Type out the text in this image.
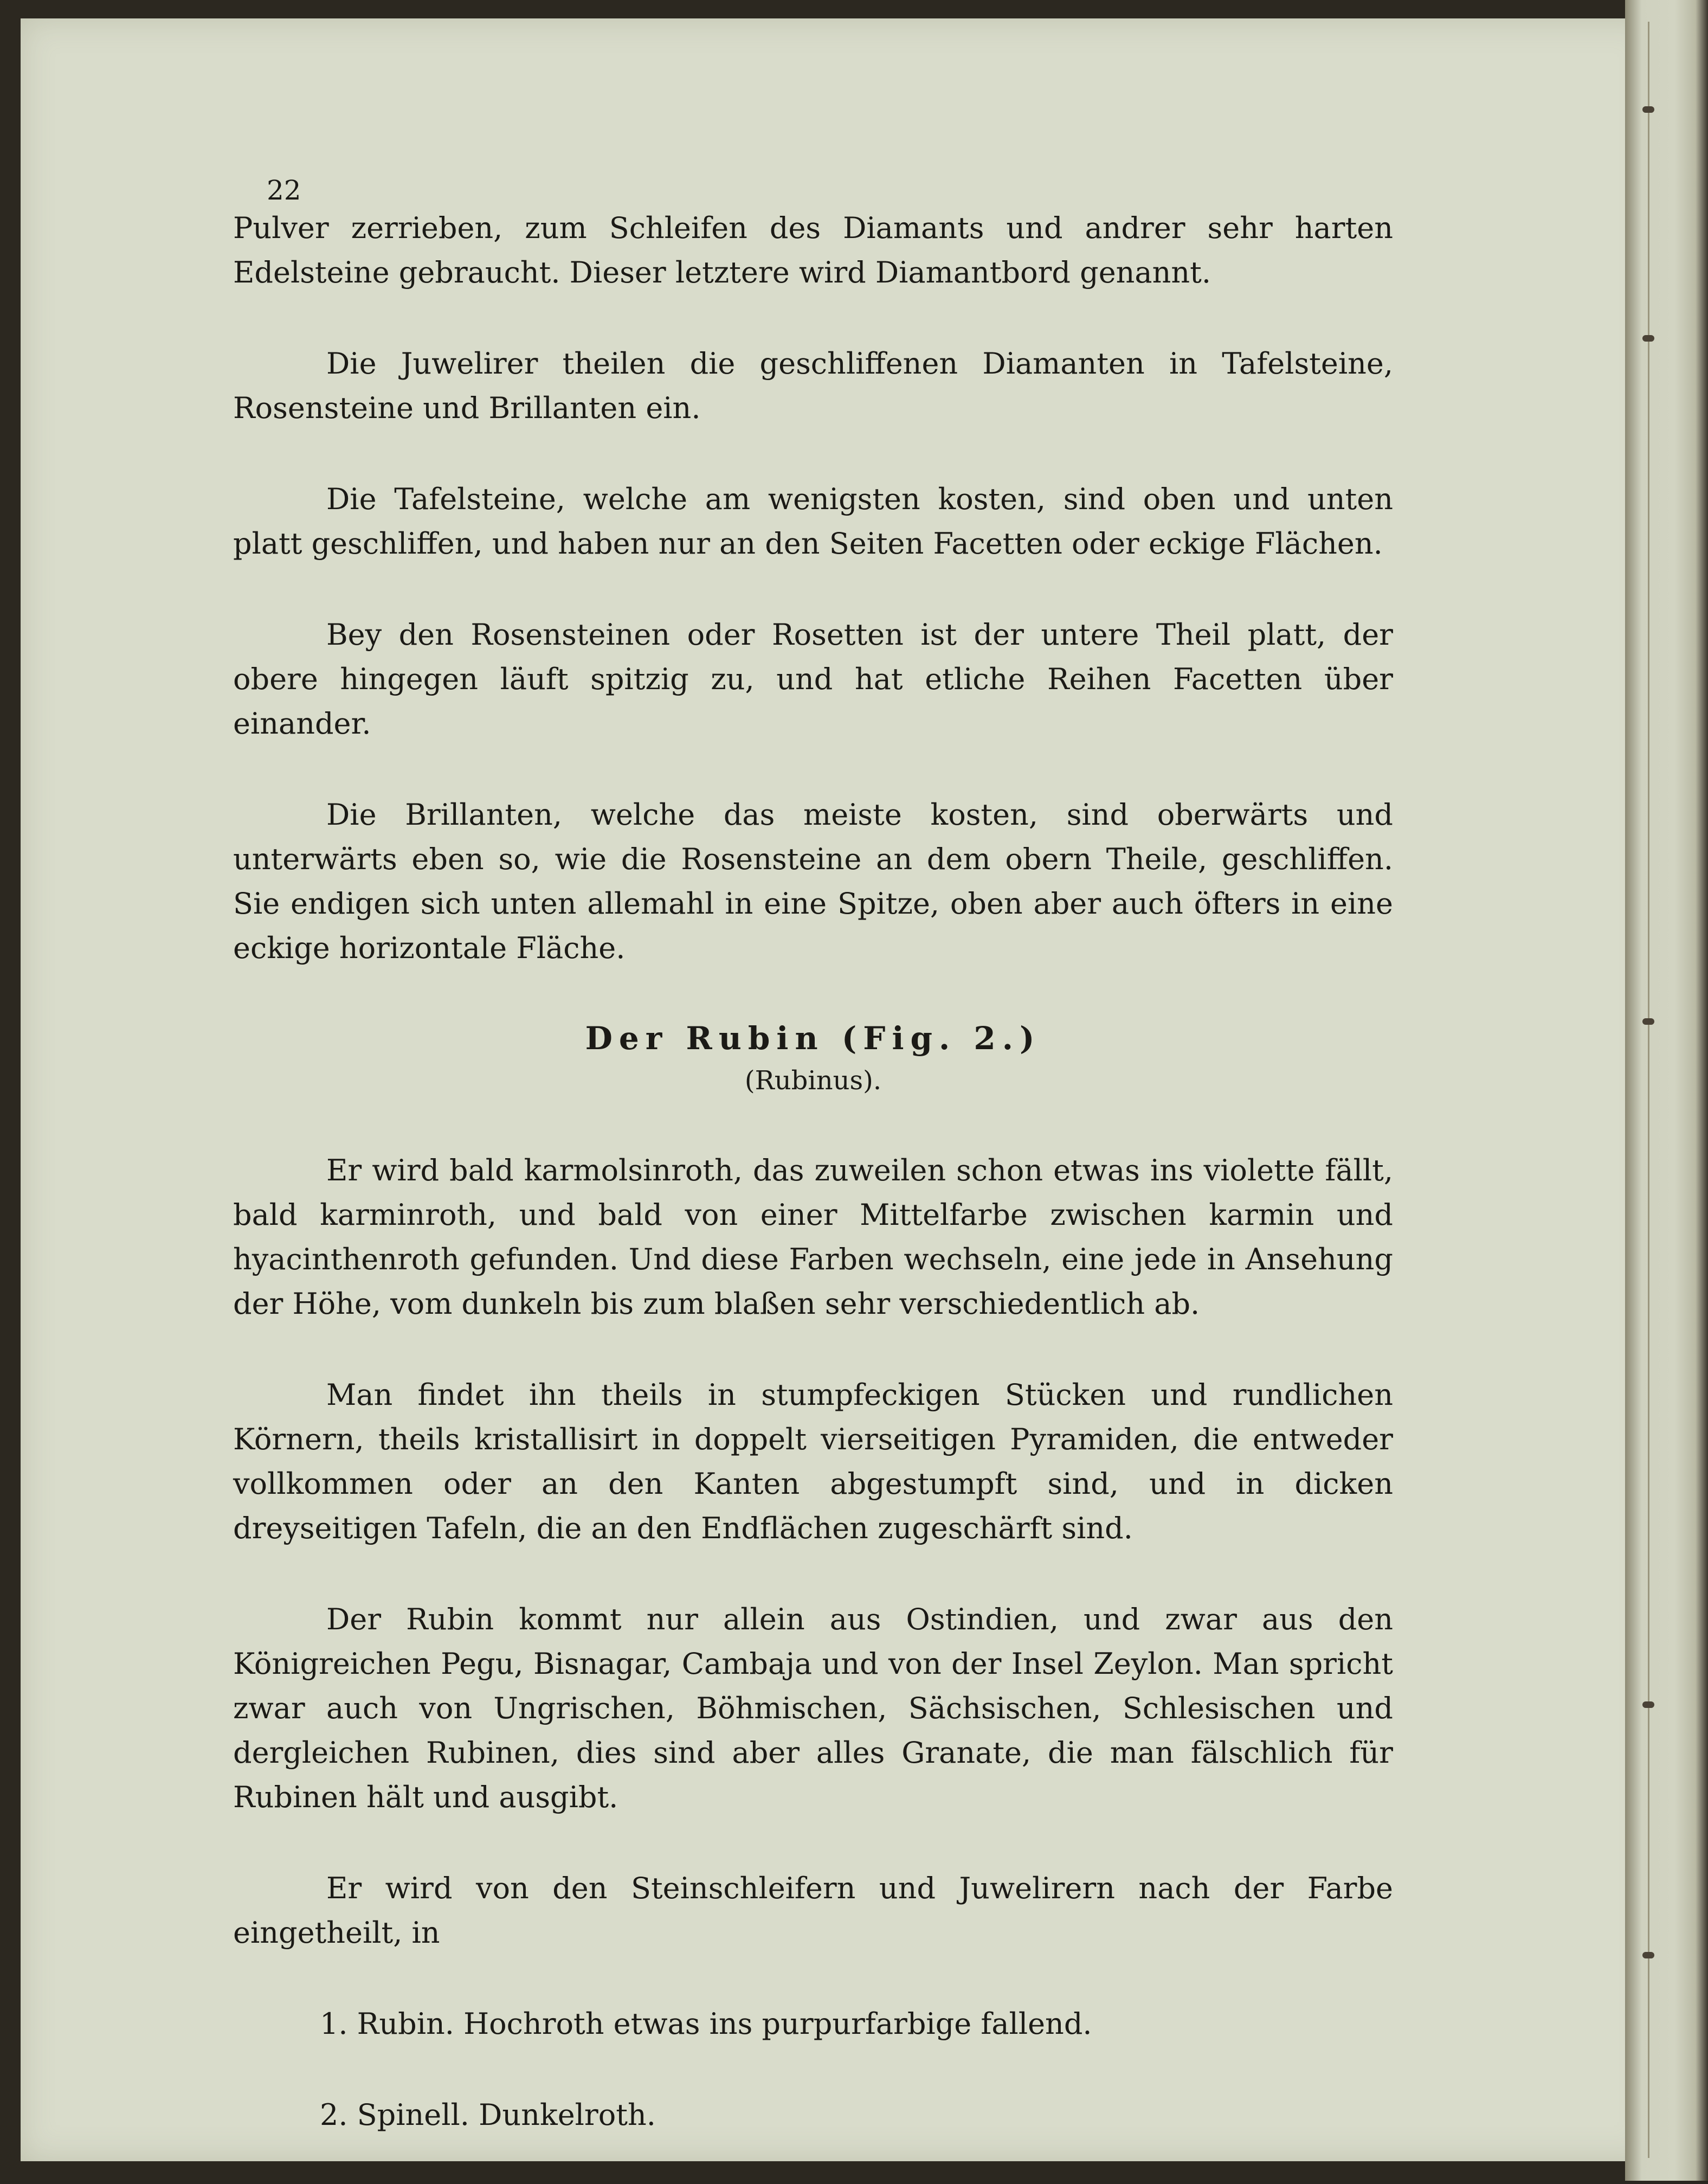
22

Pulver zerrieben, zum Schleifen des Diamants und andrer sehr harten Edelsteine gebraucht. Dieser letztere wird Diamantbord genannt.

Die Juwelirer theilen die geschliffenen Diamanten in Tafelsteine, Rosensteine und Brillanten ein.

Die Tafelsteine, welche am wenigsten kosten, sind oben und unten platt geschliffen, und haben nur an den Seiten Facetten oder eckige Flächen.

Bey den Rosensteinen oder Rosetten ist der untere Theil platt, der obere hingegen läuft spitzig zu, und hat etliche Reihen Facetten über einander.

Die Brillanten, welche das meiste kosten, sind oberwärts und unterwärts eben so, wie die Rosensteine an dem obern Theile, geschliffen. Sie endigen sich unten allemahl in eine Spitze, oben aber auch öfters in eine eckige horizontale Fläche.

Der Rubin (Fig. 2.)

(Rubinus).

Er wird bald karmolsinroth, das zuweilen schon etwas ins violette fällt, bald karminroth, und bald von einer Mittelfarbe zwischen karmin und hyacinthenroth gefunden. Und diese Farben wechseln, eine jede in Ansehung der Höhe, vom dunkeln bis zum blaßen sehr verschiedentlich ab.

Man findet ihn theils in stumpfeckigen Stücken und rundlichen Körnern, theils kristallisirt in doppelt vierseitigen Pyramiden, die entweder vollkommen oder an den Kanten abgestumpft sind, und in dicken dreyseitigen Tafeln, die an den Endflächen zugeschärft sind.

Der Rubin kommt nur allein aus Ostindien, und zwar aus den Königreichen Pegu, Bisnagar, Cambaja und von der Insel Zeylon. Man spricht zwar auch von Ungrischen, Böhmischen, Sächsischen, Schlesischen und dergleichen Rubinen, dies sind aber alles Granate, die man fälschlich für Rubinen hält und ausgibt.

Er wird von den Steinschleifern und Juwelirern nach der Farbe eingetheilt, in

1. Rubin. Hochroth etwas ins purpurfarbige fallend.

2. Spinell. Dunkelroth.
